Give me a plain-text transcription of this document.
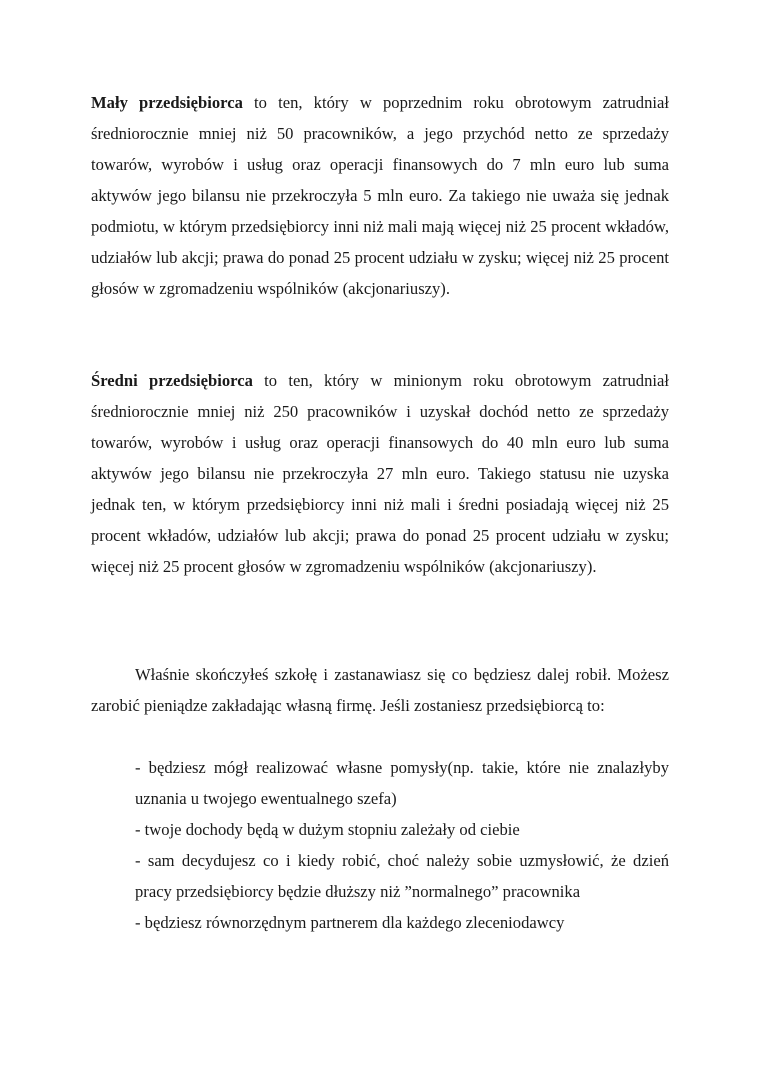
Mały przedsiębiorca to ten, który w poprzednim roku obrotowym zatrudniał średniorocznie mniej niż 50 pracowników, a jego przychód netto ze sprzedaży towarów, wyrobów i usług oraz operacji finansowych do 7 mln euro lub suma aktywów jego bilansu nie przekroczyła 5 mln euro. Za takiego nie uważa się jednak podmiotu, w którym przedsiębiorcy inni niż mali mają więcej niż 25 procent wkładów, udziałów lub akcji; prawa do ponad 25 procent udziału w zysku; więcej niż 25 procent głosów w zgromadzeniu wspólników (akcjonariuszy).

Średni przedsiębiorca to ten, który w minionym roku obrotowym zatrudniał średniorocznie mniej niż 250 pracowników i uzyskał dochód netto ze sprzedaży towarów, wyrobów i usług oraz operacji finansowych do 40 mln euro lub suma aktywów jego bilansu nie przekroczyła 27 mln euro. Takiego statusu nie uzyska jednak ten, w którym przedsiębiorcy inni niż mali i średni posiadają więcej niż 25 procent wkładów, udziałów lub akcji; prawa do ponad 25 procent udziału w zysku; więcej niż 25 procent głosów w zgromadzeniu wspólników (akcjonariuszy).

Właśnie skończyłeś szkołę i zastanawiasz się co będziesz dalej robił. Możesz zarobić pieniądze zakładając własną firmę. Jeśli zostaniesz przedsiębiorcą to:

- będziesz mógł realizować własne pomysły(np. takie, które nie znalazłyby uznania u twojego ewentualnego szefa)
- twoje dochody będą w dużym stopniu zależały od ciebie
- sam decydujesz co i kiedy robić, choć należy sobie uzmysłowić, że dzień pracy przedsiębiorcy będzie dłuższy niż ”normalnego” pracownika
- będziesz równorzędnym partnerem dla każdego zleceniodawcy
